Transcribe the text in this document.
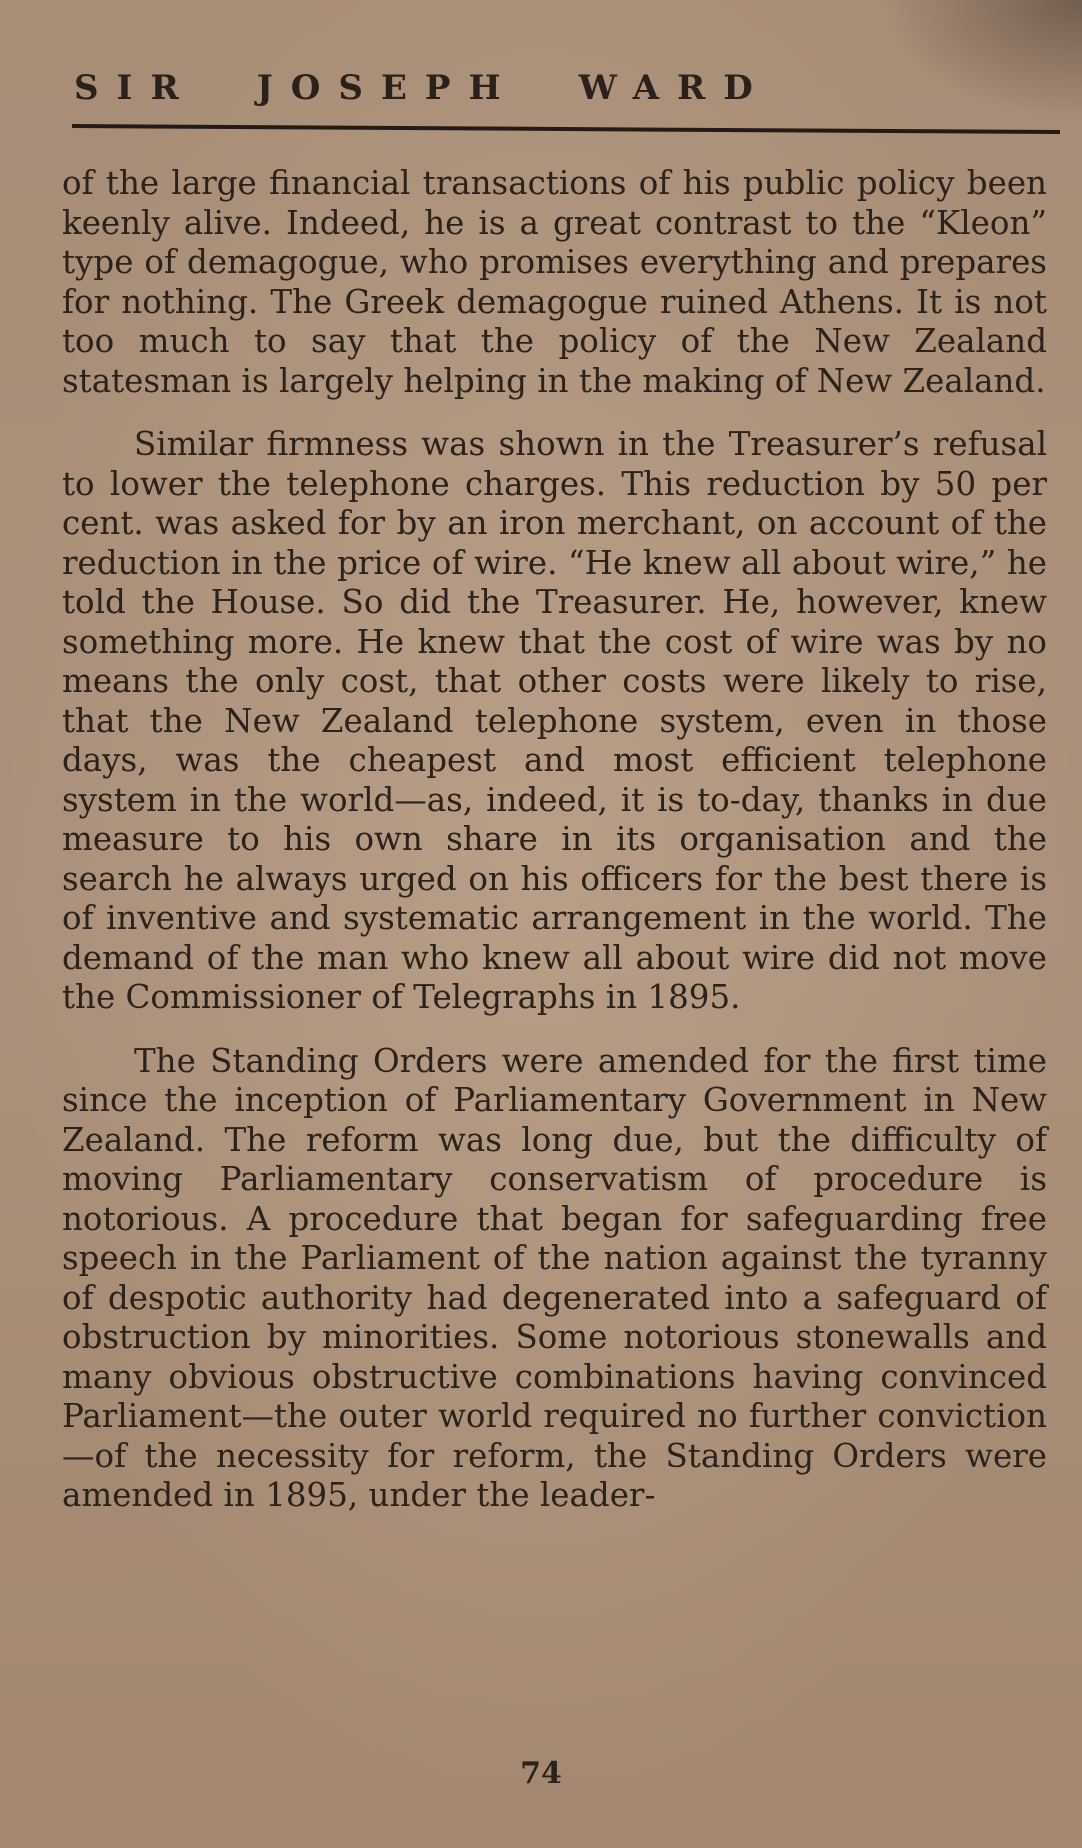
SIR JOSEPH WARD

of the large financial transactions of his public policy been keenly alive. Indeed, he is a great contrast to the “Kleon” type of demagogue, who promises everything and prepares for nothing. The Greek demagogue ruined Athens. It is not too much to say that the policy of the New Zealand statesman is largely helping in the making of New Zealand.

Similar firmness was shown in the Treasurer’s refusal to lower the telephone charges. This reduction by 50 per cent. was asked for by an iron merchant, on account of the reduction in the price of wire. “He knew all about wire,” he told the House. So did the Treasurer. He, however, knew something more. He knew that the cost of wire was by no means the only cost, that other costs were likely to rise, that the New Zealand telephone system, even in those days, was the cheapest and most efficient telephone system in the world—as, indeed, it is to-day, thanks in due measure to his own share in its organisation and the search he always urged on his officers for the best there is of inventive and systematic arrangement in the world. The demand of the man who knew all about wire did not move the Commissioner of Telegraphs in 1895.

The Standing Orders were amended for the first time since the inception of Parliamentary Government in New Zealand. The reform was long due, but the difficulty of moving Parliamentary conservatism of procedure is notorious. A procedure that began for safeguarding free speech in the Parliament of the nation against the tyranny of despotic authority had degenerated into a safeguard of obstruction by minorities. Some notorious stonewalls and many obvious obstructive combinations having convinced Parliament—the outer world required no further conviction—of the necessity for reform, the Standing Orders were amended in 1895, under the leader-

74
